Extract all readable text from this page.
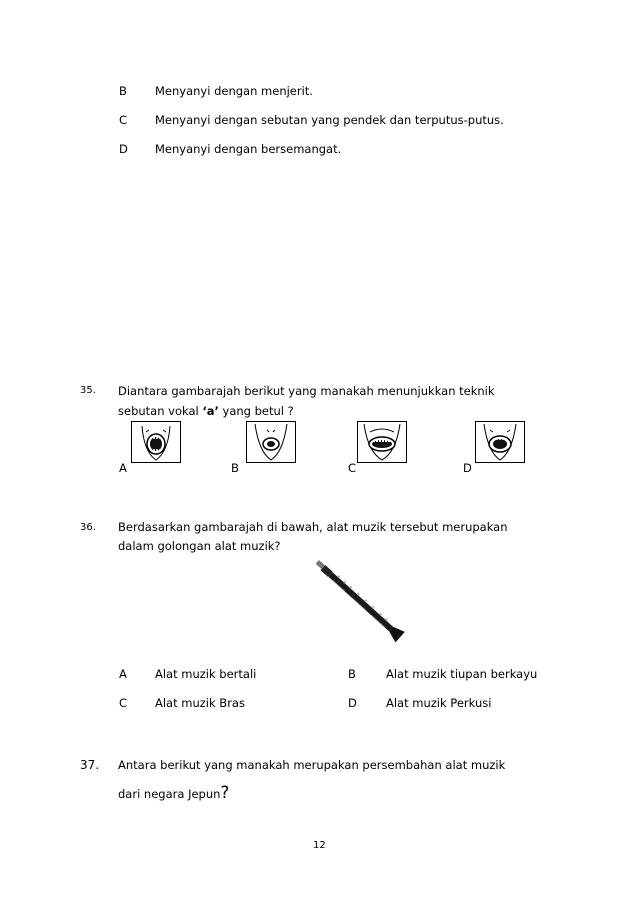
B Menyanyi dengan menjerit.
C Menyanyi dengan sebutan yang pendek dan terputus-putus.
D Menyanyi dengan bersemangat.
35. Diantara gambarajah berikut yang manakah menunjukkan teknik
sebutan vokal ‘a’ yang betul ?
A	B	C	D
36. Berdasarkan gambarajah di bawah, alat muzik tersebut merupakan
dalam golongan alat muzik?
A Alat muzik bertali	B	Alat muzik tiupan berkayu
C Alat muzik Bras	D	Alat muzik Perkusi
37. Antara berikut yang manakah merupakan persembahan alat muzik
dari negara Jepun?
12
